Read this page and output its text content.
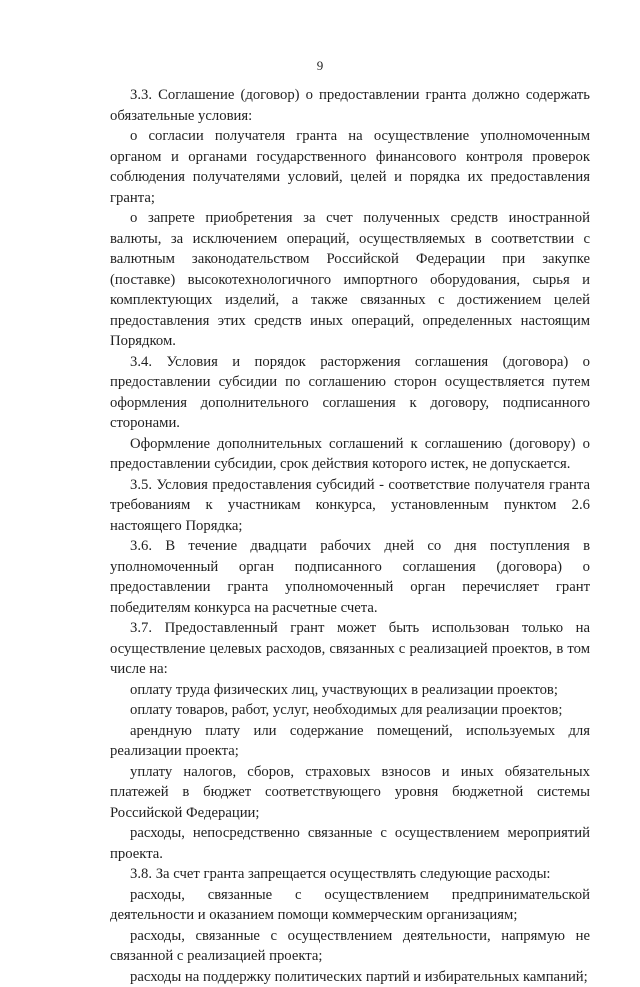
9

3.3. Соглашение (договор) о предоставлении гранта должно содержать обязательные условия:

о согласии получателя гранта на осуществление уполномоченным органом и органами государственного финансового контроля проверок соблюдения получателями условий, целей и порядка их предоставления гранта;

о запрете приобретения за счет полученных средств иностранной валюты, за исключением операций, осуществляемых в соответствии с валютным законодательством Российской Федерации при закупке (поставке) высокотехнологичного импортного оборудования, сырья и комплектующих изделий, а также связанных с достижением целей предоставления этих средств иных операций, определенных настоящим Порядком.

3.4. Условия и порядок расторжения соглашения (договора) о предоставлении субсидии по соглашению сторон осуществляется путем оформления дополнительного соглашения к договору, подписанного сторонами.

Оформление дополнительных соглашений к соглашению (договору) о предоставлении субсидии, срок действия которого истек, не допускается.

3.5. Условия предоставления субсидий - соответствие получателя гранта требованиям к участникам конкурса, установленным пунктом 2.6 настоящего Порядка;

3.6. В течение двадцати рабочих дней со дня поступления в уполномоченный орган подписанного соглашения (договора) о предоставлении гранта уполномоченный орган перечисляет грант победителям конкурса на расчетные счета.

3.7. Предоставленный грант может быть использован только на осуществление целевых расходов, связанных с реализацией проектов, в том числе на:

оплату труда физических лиц, участвующих в реализации проектов;

оплату товаров, работ, услуг, необходимых для реализации проектов;

арендную плату или содержание помещений, используемых для реализации проекта;

уплату налогов, сборов, страховых взносов и иных обязательных платежей в бюджет соответствующего уровня бюджетной системы Российской Федерации;

расходы, непосредственно связанные с осуществлением мероприятий проекта.

3.8. За счет гранта запрещается осуществлять следующие расходы:

расходы, связанные с осуществлением предпринимательской деятельности и оказанием помощи коммерческим организациям;

расходы, связанные с осуществлением деятельности, напрямую не связанной с реализацией проекта;

расходы на поддержку политических партий и избирательных кампаний;
